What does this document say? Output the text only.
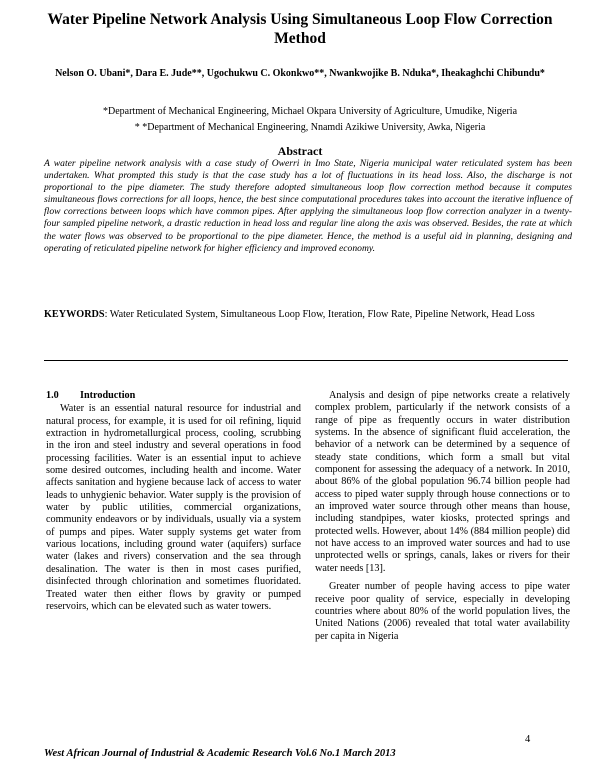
Water Pipeline Network Analysis Using Simultaneous Loop Flow Correction Method
Nelson O. Ubani*, Dara E. Jude**, Ugochukwu C. Okonkwo**, Nwankwojike B. Nduka*, Iheakaghchi Chibundu*
*Department of Mechanical Engineering, Michael Okpara University of Agriculture, Umudike, Nigeria
* *Department of Mechanical Engineering, Nnamdi Azikiwe University, Awka, Nigeria
Abstract
A water pipeline network analysis with a case study of Owerri in Imo State, Nigeria municipal water reticulated system has been undertaken. What prompted this study is that the case study has a lot of fluctuations in its head loss. Also, the discharge is not proportional to the pipe diameter. The study therefore adopted simultaneous loop flow correction method because it computes simultaneous flows corrections for all loops, hence, the best since computational procedures takes into account the iterative influence of flow corrections between loops which have common pipes. After applying the simultaneous loop flow correction analyzer in a twenty-four sampled pipeline network, a drastic reduction in head loss and regular line along the axis was observed. Besides, the rate at which the water flows was observed to be proportional to the pipe diameter. Hence, the method is a useful aid in planning, designing and operating of reticulated pipeline network for higher efficiency and improved economy.
KEYWORDS: Water Reticulated System, Simultaneous Loop Flow, Iteration, Flow Rate, Pipeline Network, Head Loss
1.0 Introduction

Water is an essential natural resource for industrial and natural process, for example, it is used for oil refining, liquid extraction in hydrometallurgical process, cooling, scrubbing in the iron and steel industry and several operations in food processing facilities. Water is an essential input to achieve some desired outcomes, including health and income. Water affects sanitation and hygiene because lack of access to water leads to unhygienic behavior. Water supply is the provision of water by public utilities, commercial organizations, community endeavors or by individuals, usually via a system of pumps and pipes. Water supply systems get water from various locations, including ground water (aquifers) surface water (lakes and rivers) conservation and the sea through desalination. The water is then in most cases purified, disinfected through chlorination and sometimes fluoridated. Treated water then either flows by gravity or pumped reservoirs, which can be elevated such as water towers.

Analysis and design of pipe networks create a relatively complex problem, particularly if the network consists of a range of pipe as frequently occurs in water distribution systems. In the absence of significant fluid acceleration, the behavior of a network can be determined by a sequence of steady state conditions, which form a small but vital component for assessing the adequacy of a network. In 2010, about 86% of the global population 96.74 billion people had access to piped water supply through house connections or to an improved water source through other means than house, including standpipes, water kiosks, protected springs and protected wells. However, about 14% (884 million people) did not have access to an improved water sources and had to use unprotected wells or springs, canals, lakes or rivers for their water needs [13].

Greater number of people having access to pipe water receive poor quality of service, especially in developing countries where about 80% of the world population lives, the United Nations (2006) revealed that total water availability per capita in Nigeria

4
West African Journal of Industrial & Academic Research Vol.6 No.1 March 2013
